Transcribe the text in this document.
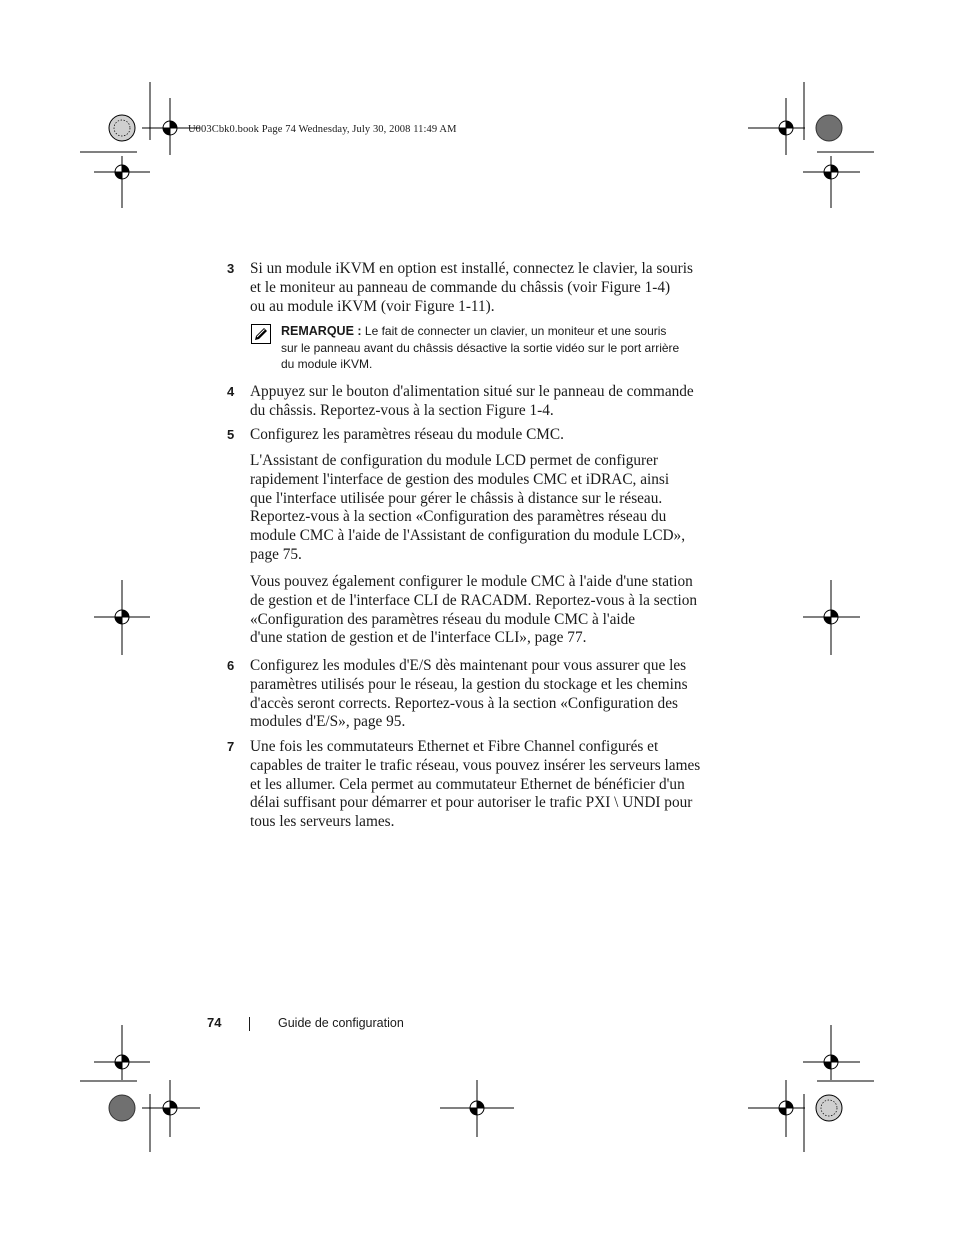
U003Cbk0.book Page 74 Wednesday, July 30, 2008 11:49 AM
3 Si un module iKVM en option est installé, connectez le clavier, la souris
et le moniteur au panneau de commande du châssis (voir Figure 1-4)
ou au module iKVM (voir Figure 1-11).
REMARQUE : Le fait de connecter un clavier, un moniteur et une souris
sur le panneau avant du châssis désactive la sortie vidéo sur le port arrière
du module iKVM.
4 Appuyez sur le bouton d'alimentation situé sur le panneau de commande
du châssis. Reportez-vous à la section Figure 1-4.
5 Configurez les paramètres réseau du module CMC.
L'Assistant de configuration du module LCD permet de configurer
rapidement l'interface de gestion des modules CMC et iDRAC, ainsi
que l'interface utilisée pour gérer le châssis à distance sur le réseau.
Reportez-vous à la section «Configuration des paramètres réseau du
module CMC à l'aide de l'Assistant de configuration du module LCD»,
page 75.
Vous pouvez également configurer le module CMC à l'aide d'une station
de gestion et de l'interface CLI de RACADM. Reportez-vous à la section
«Configuration des paramètres réseau du module CMC à l'aide
d'une station de gestion et de l'interface CLI», page 77.
6 Configurez les modules d'E/S dès maintenant pour vous assurer que les
paramètres utilisés pour le réseau, la gestion du stockage et les chemins
d'accès seront corrects. Reportez-vous à la section «Configuration des
modules d'E/S», page 95.
7 Une fois les commutateurs Ethernet et Fibre Channel configurés et
capables de traiter le trafic réseau, vous pouvez insérer les serveurs lames
et les allumer. Cela permet au commutateur Ethernet de bénéficier d'un
délai suffisant pour démarrer et pour autoriser le trafic PXI \ UNDI pour
tous les serveurs lames.
74	Guide de configuration
